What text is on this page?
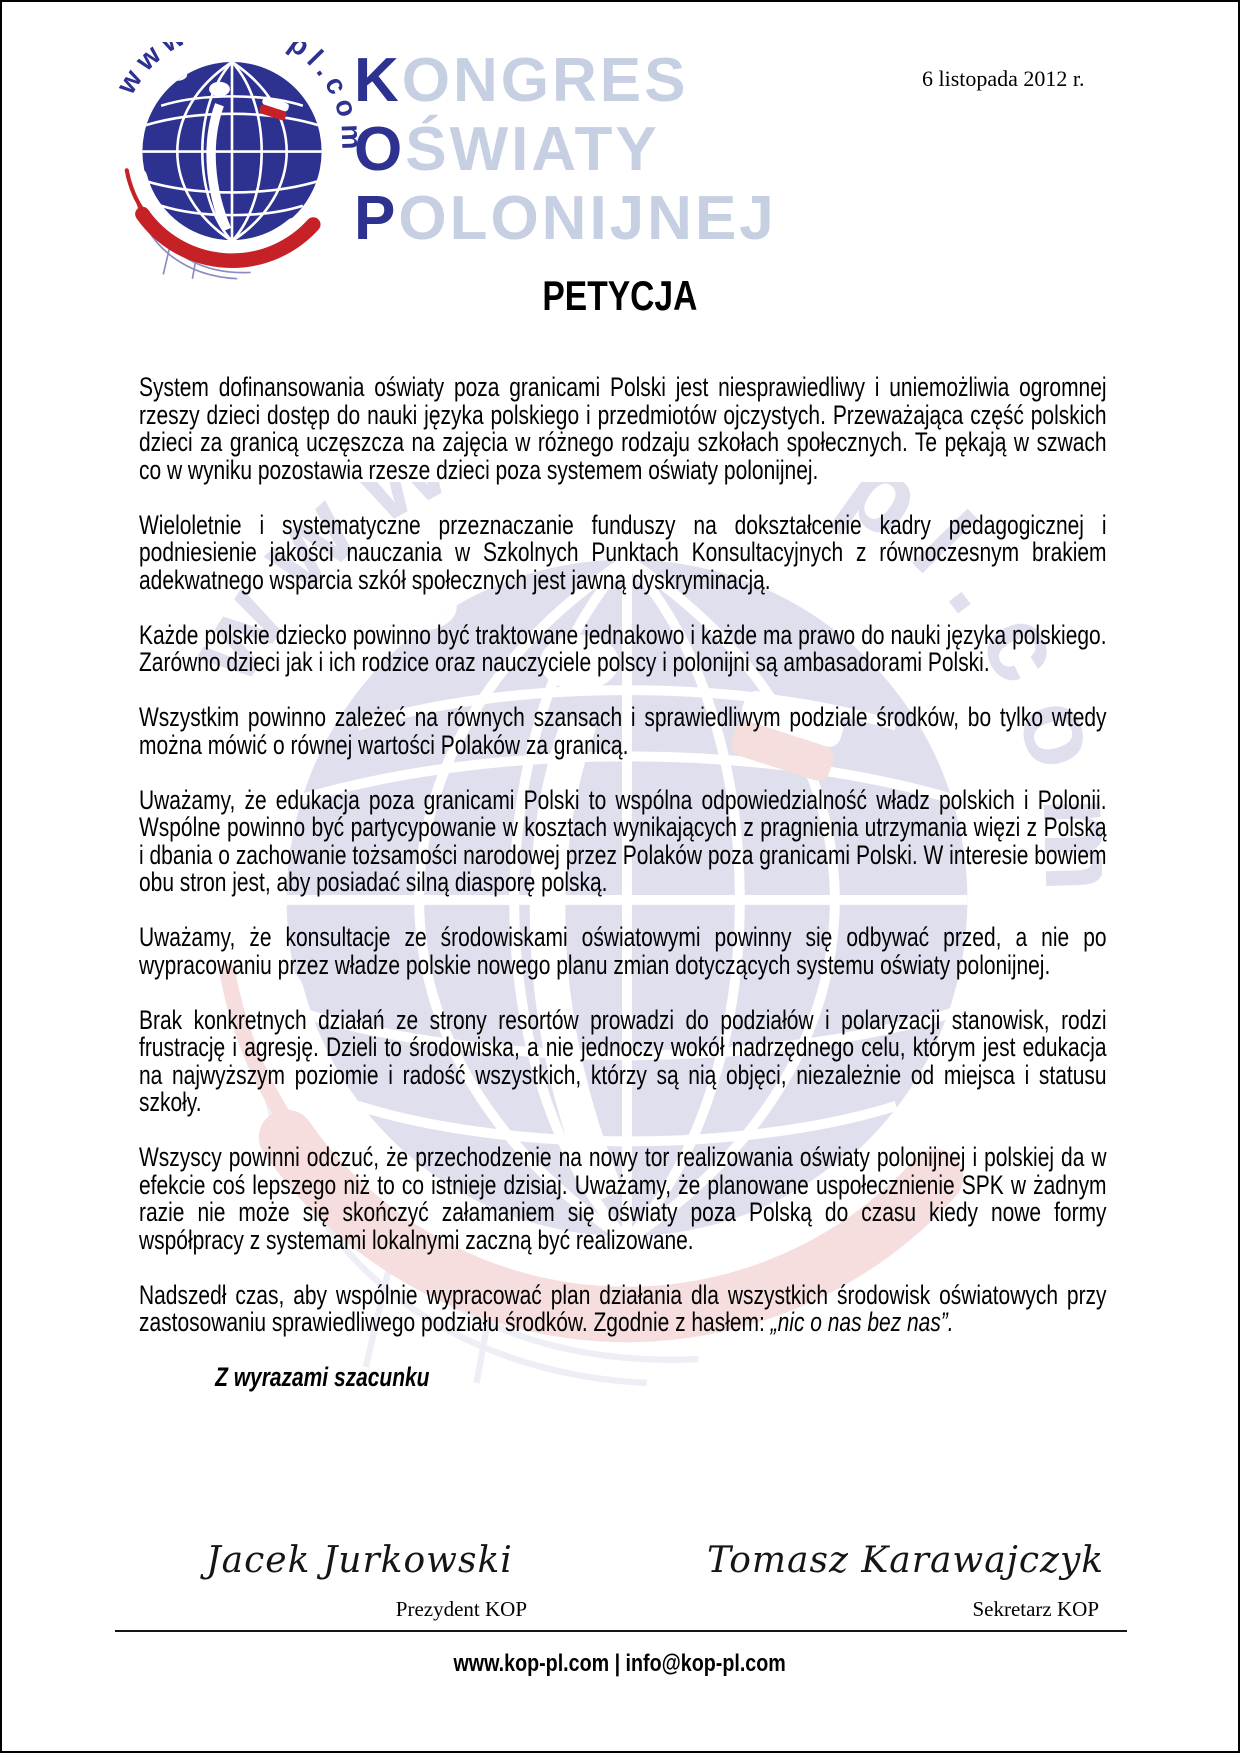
KONGRES
OŚWIATY
POLONIJNEJ
6 listopada 2012 r.
PETYCJA

System dofinansowania oświaty poza granicami Polski jest niesprawiedliwy i uniemożliwia ogromnej rzeszy dzieci dostęp do nauki języka polskiego i przedmiotów ojczystych. Przeważająca część polskich dzieci za granicą uczęszcza na zajęcia w różnego rodzaju szkołach społecznych. Te pękają w szwach co w wyniku pozostawia rzesze dzieci poza systemem oświaty polonijnej.

Wieloletnie i systematyczne przeznaczanie funduszy na dokształcenie kadry pedagogicznej i podniesienie jakości nauczania w Szkolnych Punktach Konsultacyjnych z równoczesnym brakiem adekwatnego wsparcia szkół społecznych jest jawną dyskryminacją.

Każde polskie dziecko powinno być traktowane jednakowo i każde ma prawo do nauki języka polskiego. Zarówno dzieci jak i ich rodzice oraz nauczyciele polscy i polonijni są ambasadorami Polski.

Wszystkim powinno zależeć na równych szansach i sprawiedliwym podziale środków, bo tylko wtedy można mówić o równej wartości Polaków za granicą.

Uważamy, że edukacja poza granicami Polski to wspólna odpowiedzialność władz polskich i Polonii. Wspólne powinno być partycypowanie w kosztach wynikających z pragnienia utrzymania więzi z Polską i dbania o zachowanie tożsamości narodowej przez Polaków poza granicami Polski. W interesie bowiem obu stron jest, aby posiadać silną diasporę polską.

Uważamy, że konsultacje ze środowiskami oświatowymi powinny się odbywać przed, a nie po wypracowaniu przez władze polskie nowego planu zmian dotyczących systemu oświaty polonijnej.

Brak konkretnych działań ze strony resortów prowadzi do podziałów i polaryzacji stanowisk, rodzi frustrację i agresję. Dzieli to środowiska, a nie jednoczy wokół nadrzędnego celu, którym jest edukacja na najwyższym poziomie i radość wszystkich, którzy są nią objęci, niezależnie od miejsca i statusu szkoły.

Wszyscy powinni odczuć, że przechodzenie na nowy tor realizowania oświaty polonijnej i polskiej da w efekcie coś lepszego niż to co istnieje dzisiaj. Uważamy, że planowane uspołecznienie SPK w żadnym razie nie może się skończyć załamaniem się oświaty poza Polską do czasu kiedy nowe formy współpracy z systemami lokalnymi zaczną być realizowane.

Nadszedł czas, aby wspólnie wypracować plan działania dla wszystkich środowisk oświatowych przy zastosowaniu sprawiedliwego podziału środków. Zgodnie z hasłem: „nic o nas bez nas”.

Z wyrazami szacunku
Jacek Jurkowski
Prezydent KOP
Tomasz Karawajczyk
Sekretarz KOP
www.kop-pl.com | info@kop-pl.com
